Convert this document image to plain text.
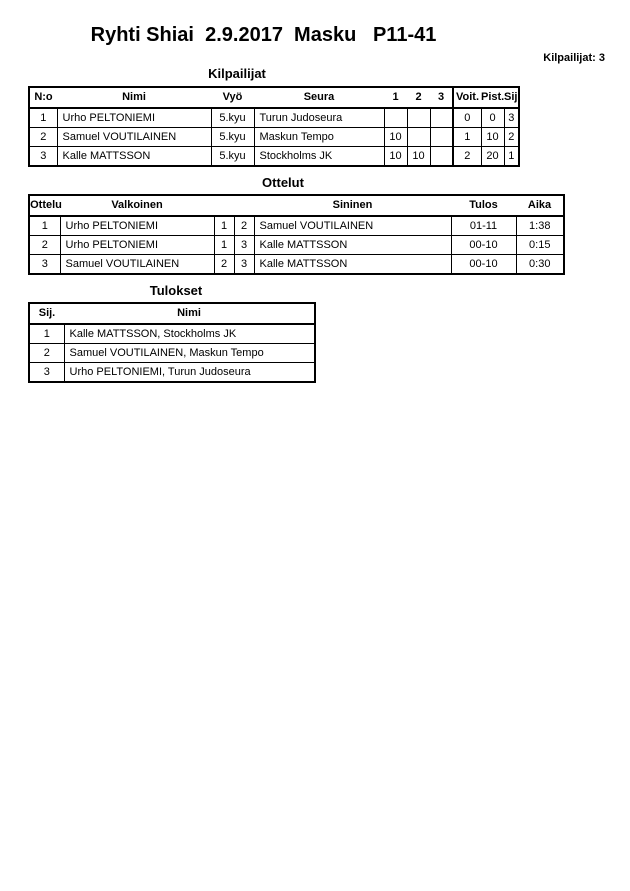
Ryhti Shiai  2.9.2017  Masku   P11-41
Kilpailijat: 3
Kilpailijat
N:o	Nimi	Vyö	Seura	1	2	3	Voit.	Pist.	Sij.
1	Urho PELTONIEMI	5.kyu	Turun Judoseura				0	0	3
2	Samuel VOUTILAINEN	5.kyu	Maskun Tempo	10			1	10	2
3	Kalle MATTSSON	5.kyu	Stockholms JK	10	10		2	20	1
Ottelut
Ottelu	Valkoinen			Sininen	Tulos	Aika
1	Urho PELTONIEMI	1	2	Samuel VOUTILAINEN	01-11	1:38
2	Urho PELTONIEMI	1	3	Kalle MATTSSON	00-10	0:15
3	Samuel VOUTILAINEN	2	3	Kalle MATTSSON	00-10	0:30
Tulokset
Sij.	Nimi
1	Kalle MATTSSON, Stockholms JK
2	Samuel VOUTILAINEN, Maskun Tempo
3	Urho PELTONIEMI, Turun Judoseura
